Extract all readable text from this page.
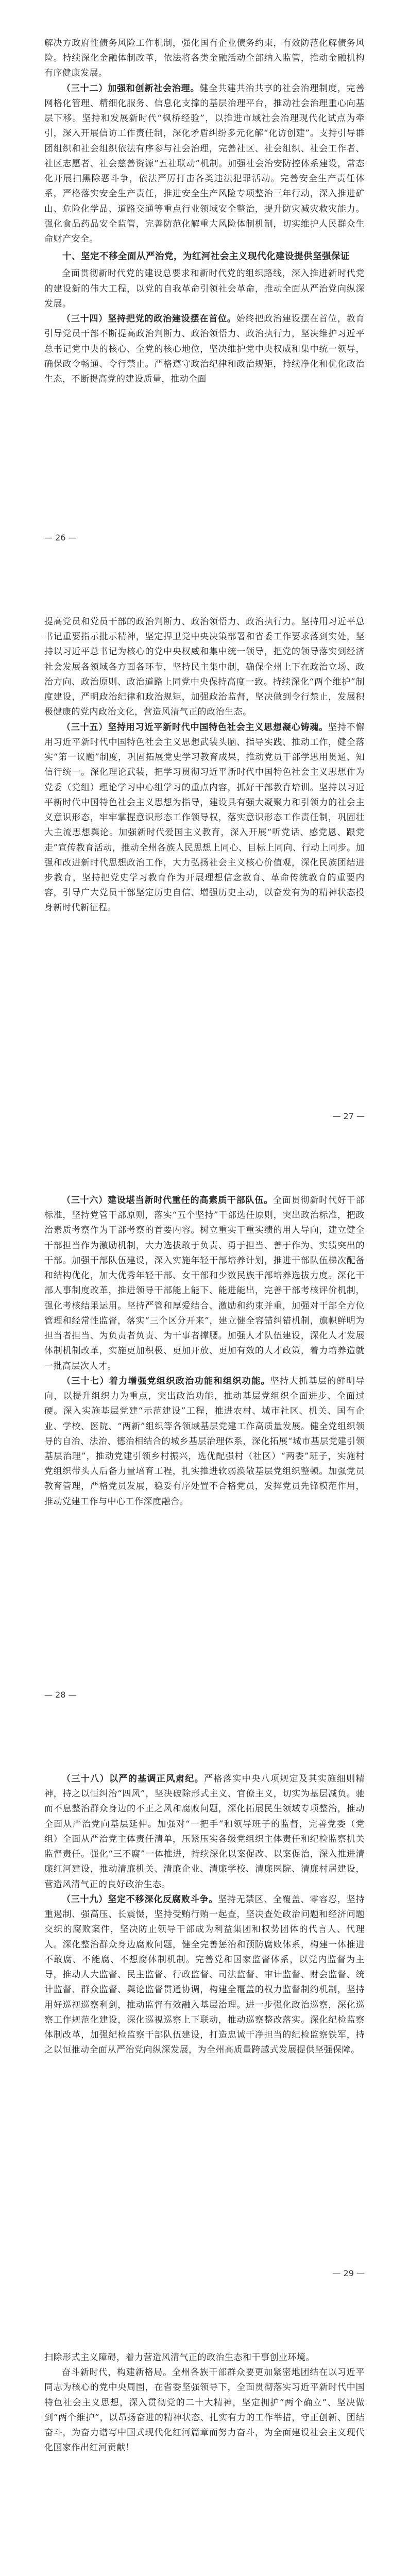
解决方政府性债务风险工作机制，强化国有企业债务约束，有效防范化解债务风险。持续深化金融体制改革，依法将各类金融活动全部纳入监管，推动金融机构有序健康发展。

（三十二）加强和创新社会治理。健全共建共治共享的社会治理制度，完善网格化管理、精细化服务、信息化支撑的基层治理平台，推动社会治理重心向基层下移。坚持和发展新时代“枫桥经验”，以推进市域社会治理现代化试点为牵引，深入开展信访工作责任制，深化矛盾纠纷多元化解“化访创建”。支持引导群团组织和社会组织依法有序参与社会治理，完善社区、社会组织、社会工作者、社区志愿者、社会慈善资源“五社联动”机制。加强社会治安防控体系建设，常态化开展扫黑除恶斗争，依法严厉打击各类违法犯罪活动。完善安全生产责任体系，严格落实安全生产责任，推进安全生产风险专项整治三年行动，深入推进矿山、危险化学品、道路交通等重点行业领域安全整治，提升防灾减灾救灾能力。强化食品药品安全监管，完善防范化解重大风险体制机制，切实维护人民群众生命财产安全。

十、坚定不移全面从严治党，为红河社会主义现代化建设提供坚强保证

全面贯彻新时代党的建设总要求和新时代党的组织路线，深入推进新时代党的建设新的伟大工程，以党的自我革命引领社会革命，推动全面从严治党向纵深发展。

（三十四）坚持把党的政治建设摆在首位。始终把政治建设摆在首位，教育引导党员干部不断提高政治判断力、政治领悟力、政治执行力，坚决维护习近平总书记党中央的核心、全党的核心地位，坚决维护党中央权威和集中统一领导，确保政令畅通、令行禁止。严格遵守政治纪律和政治规矩，持续净化和优化政治生态，不断提高党的建设质量，推动全面

— 26 —

提高党员和党员干部的政治判断力、政治领悟力、政治执行力。坚持用习近平总书记重要指示批示精神，坚定捍卫党中央决策部署和省委工作要求落到实处，坚持以习近平总书记为核心的党中央权威和集中统一领导，把党的领导落实到经济社会发展各领域各方面各环节，坚持民主集中制，确保全州上下在政治立场、政治方向、政治原则、政治道路上同党中央保持高度一致。持续深化“两个维护”制度建设，严明政治纪律和政治规矩，加强政治监督，坚决做到令行禁止，发展积极健康的党内政治文化，营造风清气正的政治生态。

（三十五）坚持用习近平新时代中国特色社会主义思想凝心铸魂。坚持不懈用习近平新时代中国特色社会主义思想武装头脑、指导实践、推动工作，健全落实“第一议题”制度，巩固拓展党史学习教育成果，推动党员干部学思用贯通、知信行统一。深化理论武装，把学习贯彻习近平新时代中国特色社会主义思想作为党委（党组）理论学习中心组学习的重点内容，抓好干部教育培训。坚持以习近平新时代中国特色社会主义思想为指导，建设具有强大凝聚力和引领力的社会主义意识形态，牢牢掌握意识形态工作领导权，落实意识形态工作责任制，巩固壮大主流思想舆论。加强新时代爱国主义教育，深入开展“听党话、感党恩、跟党走”宣传教育活动，推动全州各族人民思想上同心、目标上同向、行动上同步。加强和改进新时代思想政治工作，大力弘扬社会主义核心价值观，深化民族团结进步教育，坚持把党史学习教育作为开展理想信念教育、革命传统教育的重要内容，引导广大党员干部坚定历史自信、增强历史主动，以奋发有为的精神状态投身新时代新征程。

— 27 —

（三十六）建设堪当新时代重任的高素质干部队伍。全面贯彻新时代好干部标准，坚持党管干部原则，落实“五个坚持”干部选任原则，突出政治标准，把政治素质考察作为干部考察的首要内容。树立重实干重实绩的用人导向，建立健全干部担当作为激励机制，大力选拔敢于负责、勇于担当、善于作为、实绩突出的干部。加强干部队伍建设，深入实施年轻干部培养计划，推进干部队伍梯次配备和结构优化，加大优秀年轻干部、女干部和少数民族干部培养选拔力度。深化干部人事制度改革，推进领导干部能上能下、能进能出，完善干部考核评价机制，强化考核结果运用。坚持严管和厚爱结合、激励和约束并重，加强对干部全方位管理和经常性监督，落实“三个区分开来”，建立健全容错纠错机制，旗帜鲜明为担当者担当、为负责者负责、为干事者撑腰。加强人才队伍建设，深化人才发展体制机制改革，实施更加积极、更加开放、更加有效的人才政策，着力培养造就一批高层次人才。

（三十七）着力增强党组织政治功能和组织功能。坚持大抓基层的鲜明导向，以提升组织力为重点，突出政治功能，推动基层党组织全面进步、全面过硬。深入实施基层党建“示范建设”工程，推进农村、城市社区、机关、国有企业、学校、医院、“两新”组织等各领域基层党建工作高质量发展。健全党组织领导的自治、法治、德治相结合的城乡基层治理体系，深化拓展“城市基层党建引领基层治理”，推动党建引领乡村振兴，选优配强村（社区）“两委”班子，实施村党组织带头人后备力量培育工程，扎实推进软弱涣散基层党组织整顿。加强党员教育管理，严格党员发展，稳妥有序处置不合格党员，发挥党员先锋模范作用，推动党建工作与中心工作深度融合。

— 28 —

（三十八）以严的基调正风肃纪。严格落实中央八项规定及其实施细则精神，持之以恒纠治“四风”，坚决破除形式主义、官僚主义，切实为基层减负。驰而不息整治群众身边的不正之风和腐败问题，深化拓展民生领域专项整治，推动全面从严治党向基层延伸。加强对“一把手”和领导班子的监督，完善党委（党组）全面从严治党主体责任清单，压紧压实各级党组织主体责任和纪检监察机关监督责任。强化“三不腐”一体推进，持续深化以案促改、以案促治，深入推进清廉红河建设，推动清廉机关、清廉企业、清廉学校、清廉医院、清廉村居建设，营造风清气正的良好政治生态。

（三十九）坚定不移深化反腐败斗争。坚持无禁区、全覆盖、零容忍，坚持重遏制、强高压、长震慑，坚持受贿行贿一起查，坚决查处政治问题和经济问题交织的腐败案件，坚决防止领导干部成为利益集团和权势团体的代言人、代理人。深化整治群众身边腐败问题，健全完善惩治和预防腐败体系，构建一体推进不敢腐、不能腐、不想腐体制机制。完善党和国家监督体系，以党内监督为主导，推动人大监督、民主监督、行政监督、司法监督、审计监督、财会监督、统计监督、群众监督、舆论监督贯通协调，构建全覆盖的权力监督制约机制，坚持用好巡视巡察利剑，推动监督有效融入基层治理。进一步强化政治巡察，深化巡察工作规范化建设，深化巡视巡察上下联动，推动巡察整改落实。深化纪检监察体制改革，加强纪检监察干部队伍建设，打造忠诚干净担当的纪检监察铁军，持之以恒推动全面从严治党向纵深发展，为全州高质量跨越式发展提供坚强保障。

— 29 —

扫除形式主义障碍，着力营造风清气正的政治生态和干事创业环境。

奋斗新时代，构建新格局。全州各族干部群众要更加紧密地团结在以习近平同志为核心的党中央周围，在省委坚强领导下，全面贯彻落实习近平新时代中国特色社会主义思想，深入贯彻党的二十大精神，坚定拥护“两个确立”、坚决做到“两个维护”，以昂扬奋进的精神状态、扎实有力的工作举措，守正创新、团结奋斗，为奋力谱写中国式现代化红河篇章而努力奋斗，为全面建设社会主义现代化国家作出红河贡献！
